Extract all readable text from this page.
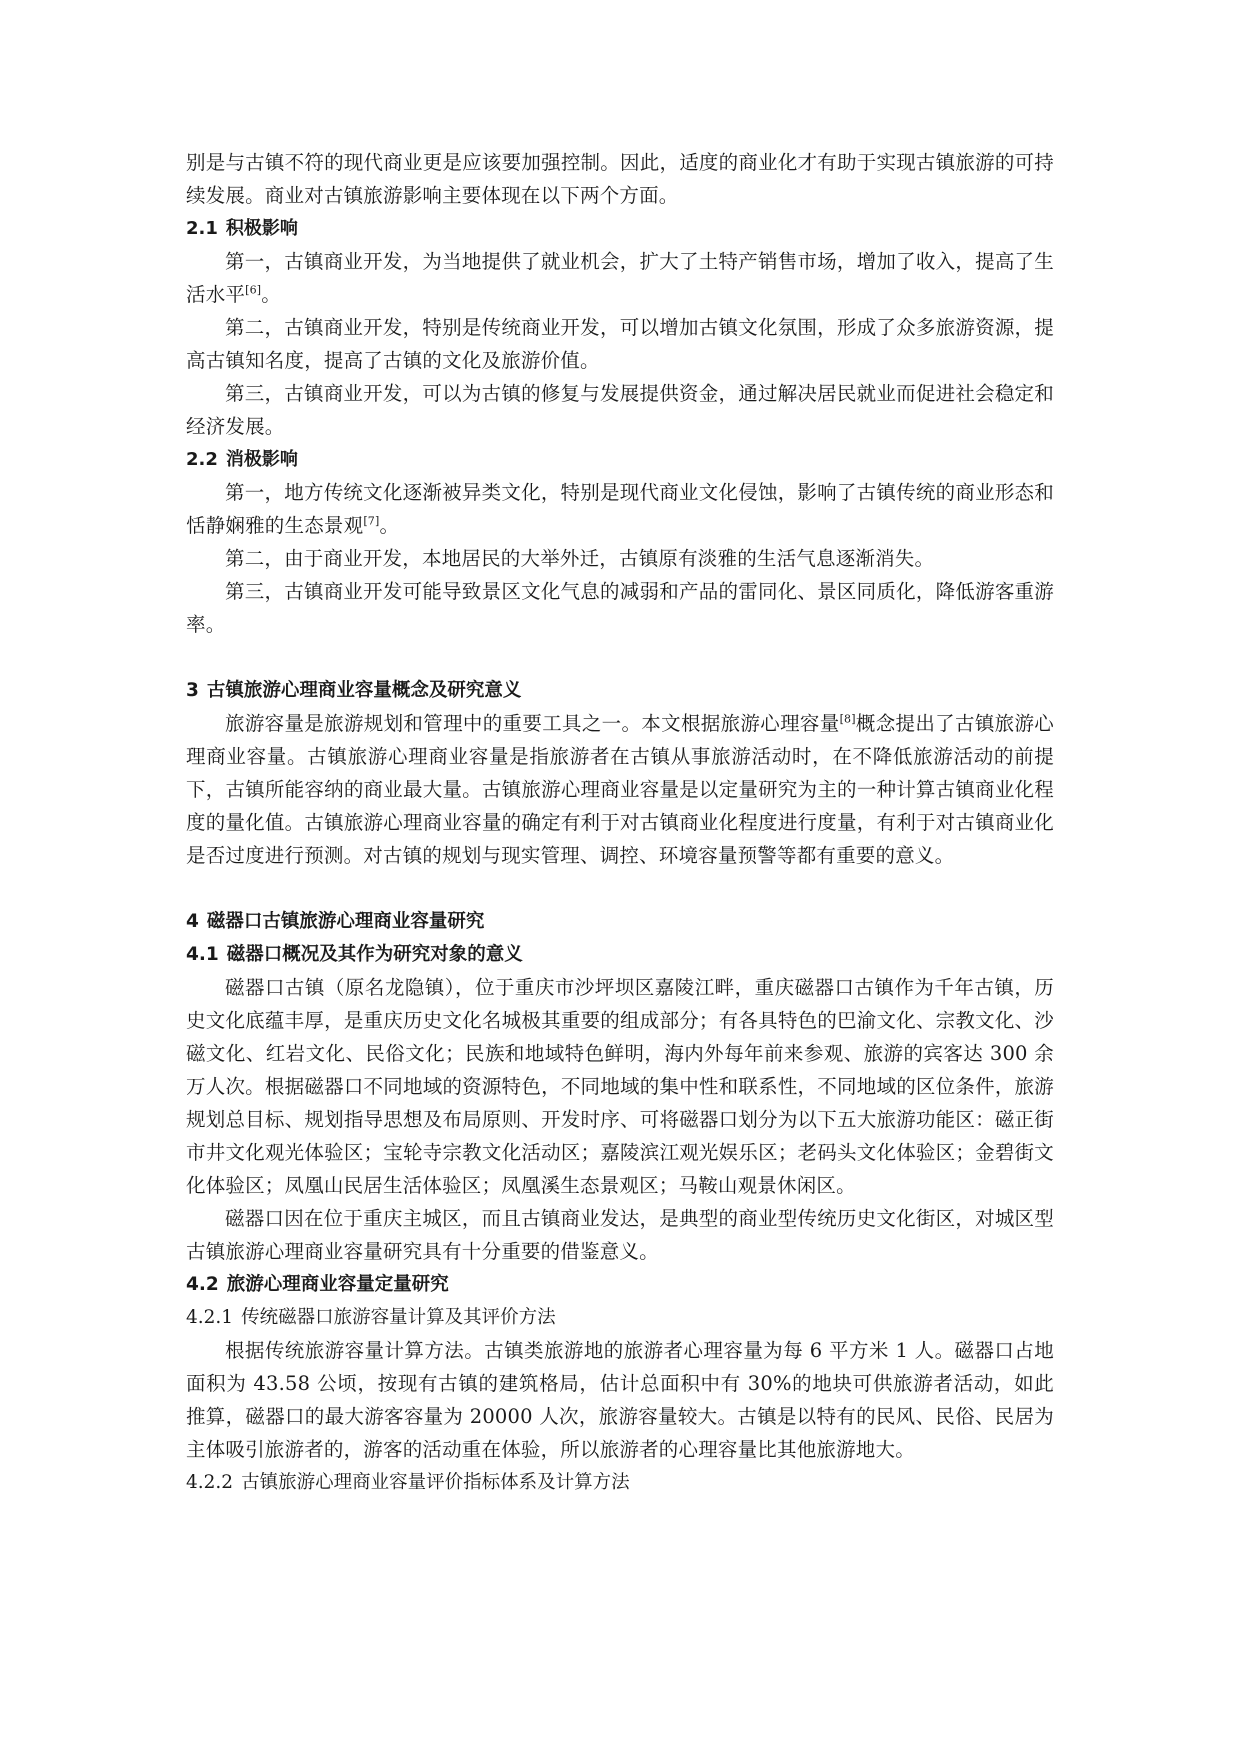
别是与古镇不符的现代商业更是应该要加强控制。因此，适度的商业化才有助于实现古镇旅游的可持续发展。商业对古镇旅游影响主要体现在以下两个方面。

2.1 积极影响

第一，古镇商业开发，为当地提供了就业机会，扩大了土特产销售市场，增加了收入，提高了生活水平[6]。

第二，古镇商业开发，特别是传统商业开发，可以增加古镇文化氛围，形成了众多旅游资源，提高古镇知名度，提高了古镇的文化及旅游价值。

第三，古镇商业开发，可以为古镇的修复与发展提供资金，通过解决居民就业而促进社会稳定和经济发展。

2.2 消极影响

第一，地方传统文化逐渐被异类文化，特别是现代商业文化侵蚀，影响了古镇传统的商业形态和恬静娴雅的生态景观[7]。

第二，由于商业开发，本地居民的大举外迁，古镇原有淡雅的生活气息逐渐消失。

第三，古镇商业开发可能导致景区文化气息的减弱和产品的雷同化、景区同质化，降低游客重游率。

3 古镇旅游心理商业容量概念及研究意义

旅游容量是旅游规划和管理中的重要工具之一。本文根据旅游心理容量[8]概念提出了古镇旅游心理商业容量。古镇旅游心理商业容量是指旅游者在古镇从事旅游活动时，在不降低旅游活动的前提下，古镇所能容纳的商业最大量。古镇旅游心理商业容量是以定量研究为主的一种计算古镇商业化程度的量化值。古镇旅游心理商业容量的确定有利于对古镇商业化程度进行度量，有利于对古镇商业化是否过度进行预测。对古镇的规划与现实管理、调控、环境容量预警等都有重要的意义。

4 磁器口古镇旅游心理商业容量研究
4.1 磁器口概况及其作为研究对象的意义

磁器口古镇（原名龙隐镇），位于重庆市沙坪坝区嘉陵江畔，重庆磁器口古镇作为千年古镇，历史文化底蕴丰厚，是重庆历史文化名城极其重要的组成部分；有各具特色的巴渝文化、宗教文化、沙磁文化、红岩文化、民俗文化；民族和地域特色鲜明，海内外每年前来参观、旅游的宾客达 300 余万人次。根据磁器口不同地域的资源特色，不同地域的集中性和联系性，不同地域的区位条件，旅游规划总目标、规划指导思想及布局原则、开发时序、可将磁器口划分为以下五大旅游功能区：磁正街市井文化观光体验区；宝轮寺宗教文化活动区；嘉陵滨江观光娱乐区；老码头文化体验区；金碧街文化体验区；凤凰山民居生活体验区；凤凰溪生态景观区；马鞍山观景休闲区。

磁器口因在位于重庆主城区，而且古镇商业发达，是典型的商业型传统历史文化街区，对城区型古镇旅游心理商业容量研究具有十分重要的借鉴意义。

4.2 旅游心理商业容量定量研究
4.2.1 传统磁器口旅游容量计算及其评价方法

根据传统旅游容量计算方法。古镇类旅游地的旅游者心理容量为每 6 平方米 1 人。磁器口占地面积为 43.58 公顷，按现有古镇的建筑格局，估计总面积中有 30%的地块可供旅游者活动，如此推算，磁器口的最大游客容量为 20000 人次，旅游容量较大。古镇是以特有的民风、民俗、民居为主体吸引旅游者的，游客的活动重在体验，所以旅游者的心理容量比其他旅游地大。

4.2.2 古镇旅游心理商业容量评价指标体系及计算方法
